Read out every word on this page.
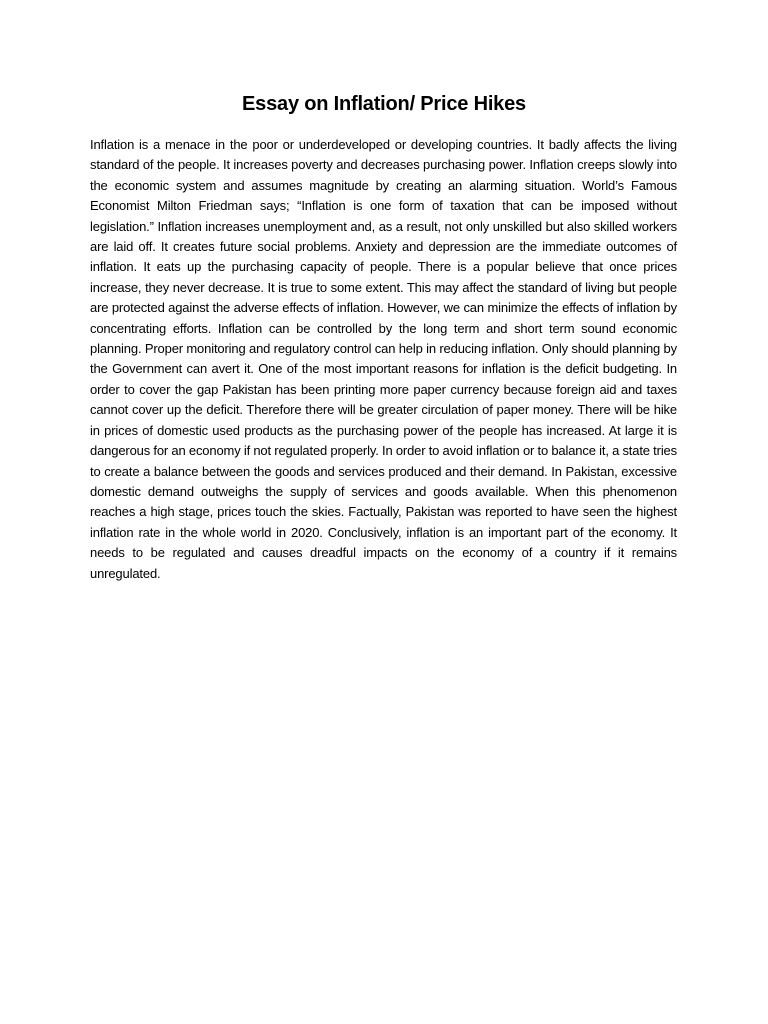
Essay on Inflation/ Price Hikes

Inflation is a menace in the poor or underdeveloped or developing countries. It badly affects the living standard of the people. It increases poverty and decreases purchasing power. Inflation creeps slowly into the economic system and assumes magnitude by creating an alarming situation. World’s Famous Economist Milton Friedman says; “Inflation is one form of taxation that can be imposed without legislation.” Inflation increases unemployment and, as a result, not only unskilled but also skilled workers are laid off. It creates future social problems. Anxiety and depression are the immediate outcomes of inflation. It eats up the purchasing capacity of people. There is a popular believe that once prices increase, they never decrease. It is true to some extent. This may affect the standard of living but people are protected against the adverse effects of inflation. However, we can minimize the effects of inflation by concentrating efforts. Inflation can be controlled by the long term and short term sound economic planning. Proper monitoring and regulatory control can help in reducing inflation. Only should planning by the Government can avert it. One of the most important reasons for inflation is the deficit budgeting. In order to cover the gap Pakistan has been printing more paper currency because foreign aid and taxes cannot cover up the deficit. Therefore there will be greater circulation of paper money. There will be hike in prices of domestic used products as the purchasing power of the people has increased. At large it is dangerous for an economy if not regulated properly. In order to avoid inflation or to balance it, a state tries to create a balance between the goods and services produced and their demand. In Pakistan, excessive domestic demand outweighs the supply of services and goods available. When this phenomenon reaches a high stage, prices touch the skies. Factually, Pakistan was reported to have seen the highest inflation rate in the whole world in 2020. Conclusively, inflation is an important part of the economy. It needs to be regulated and causes dreadful impacts on the economy of a country if it remains unregulated.
